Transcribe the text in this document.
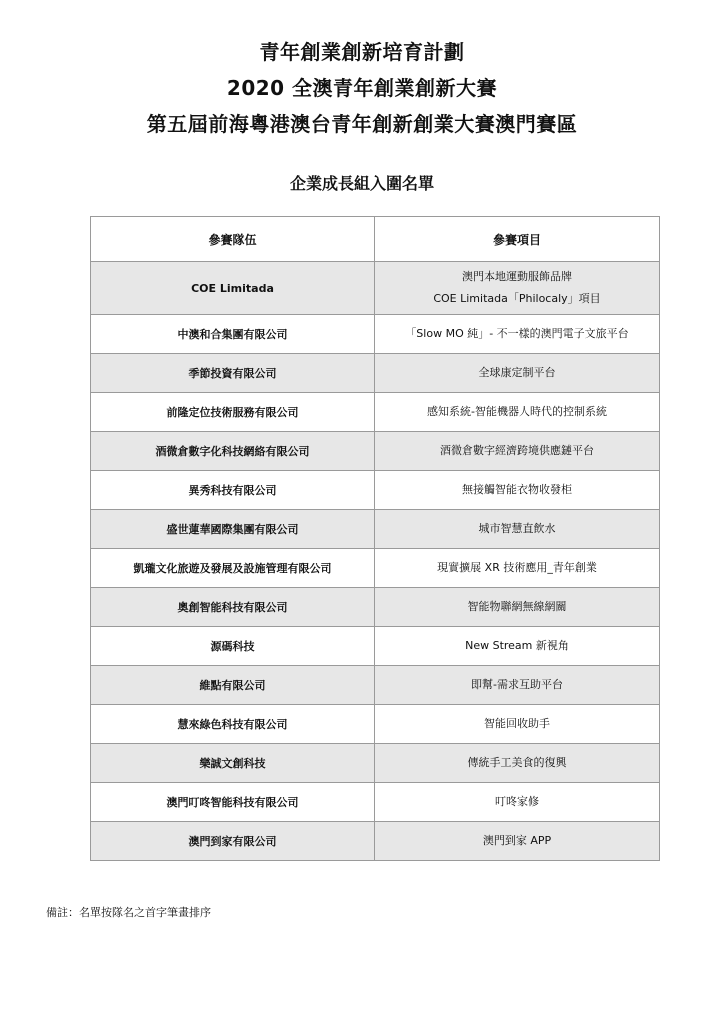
青年創業創新培育計劃
2020 全澳青年創業創新大賽
第五屆前海粵港澳台青年創新創業大賽澳門賽區
企業成長組入圍名單
參賽隊伍	參賽項目
COE Limitada	澳門本地運動服飾品牌
COE Limitada「Philocaly」項目

中澳和合集團有限公司	「Slow MO 純」- 不一樣的澳門電子文旅平台

季節投資有限公司	全球康定制平台

前隆定位技術服務有限公司	感知系統-智能機器人時代的控制系統

酒微倉數字化科技網絡有限公司	酒微倉數字經濟跨境供應鏈平台

異秀科技有限公司	無接觸智能衣物收發柜

盛世蓮華國際集團有限公司	城市智慧直飲水

凱瓏文化旅遊及發展及設施管理有限公司	現實擴展 XR 技術應用_青年創業

奧創智能科技有限公司	智能物聯網無線網關

源碼科技	New Stream 新視角

維點有限公司	即幫-需求互助平台

慧來綠色科技有限公司	智能回收助手

樂誠文創科技	傳統手工美食的復興

澳門叮咚智能科技有限公司	叮咚家修

澳門到家有限公司	澳門到家 APP
備註：名單按隊名之首字筆畫排序
